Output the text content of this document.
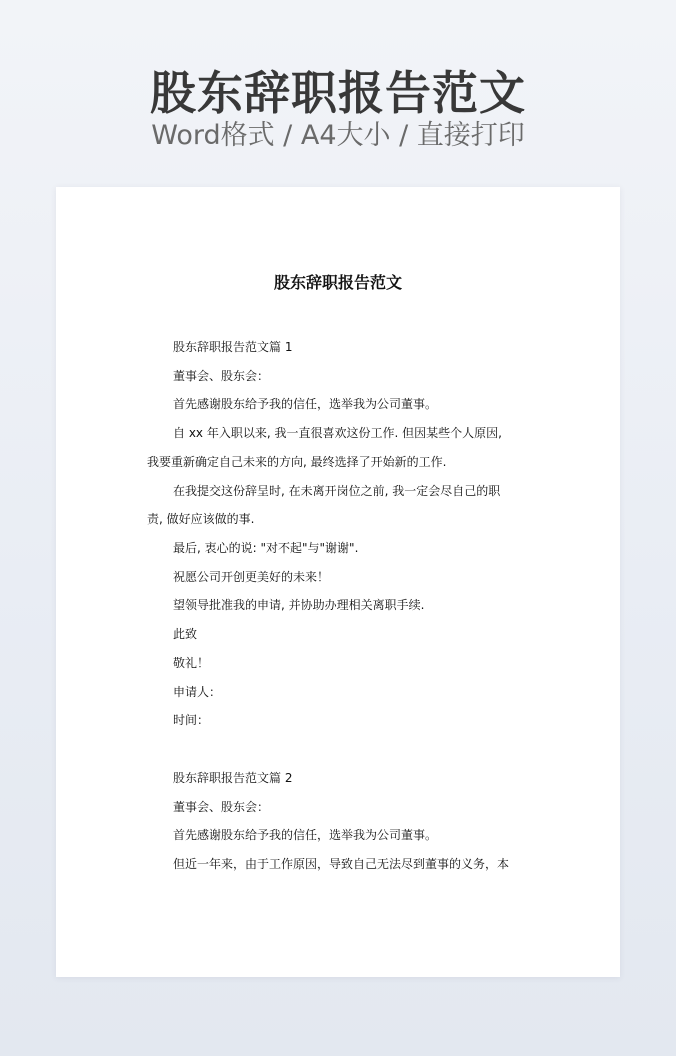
股东辞职报告范文
Word格式 / A4大小 / 直接打印
股东辞职报告范文
股东辞职报告范文篇 1
董事会、股东会：
首先感谢股东给予我的信任，选举我为公司董事。
自 xx 年入职以来, 我一直很喜欢这份工作. 但因某些个人原因,
我要重新确定自己未来的方向, 最终选择了开始新的工作.
在我提交这份辞呈时, 在未离开岗位之前, 我一定会尽自己的职
责, 做好应该做的事.
最后, 衷心的说: "对不起"与"谢谢".
祝愿公司开创更美好的未来！
望领导批准我的申请, 并协助办理相关离职手续.
此致
敬礼！
申请人：
时间：
股东辞职报告范文篇 2
董事会、股东会：
首先感谢股东给予我的信任，选举我为公司董事。
但近一年来，由于工作原因，导致自己无法尽到董事的义务，本
